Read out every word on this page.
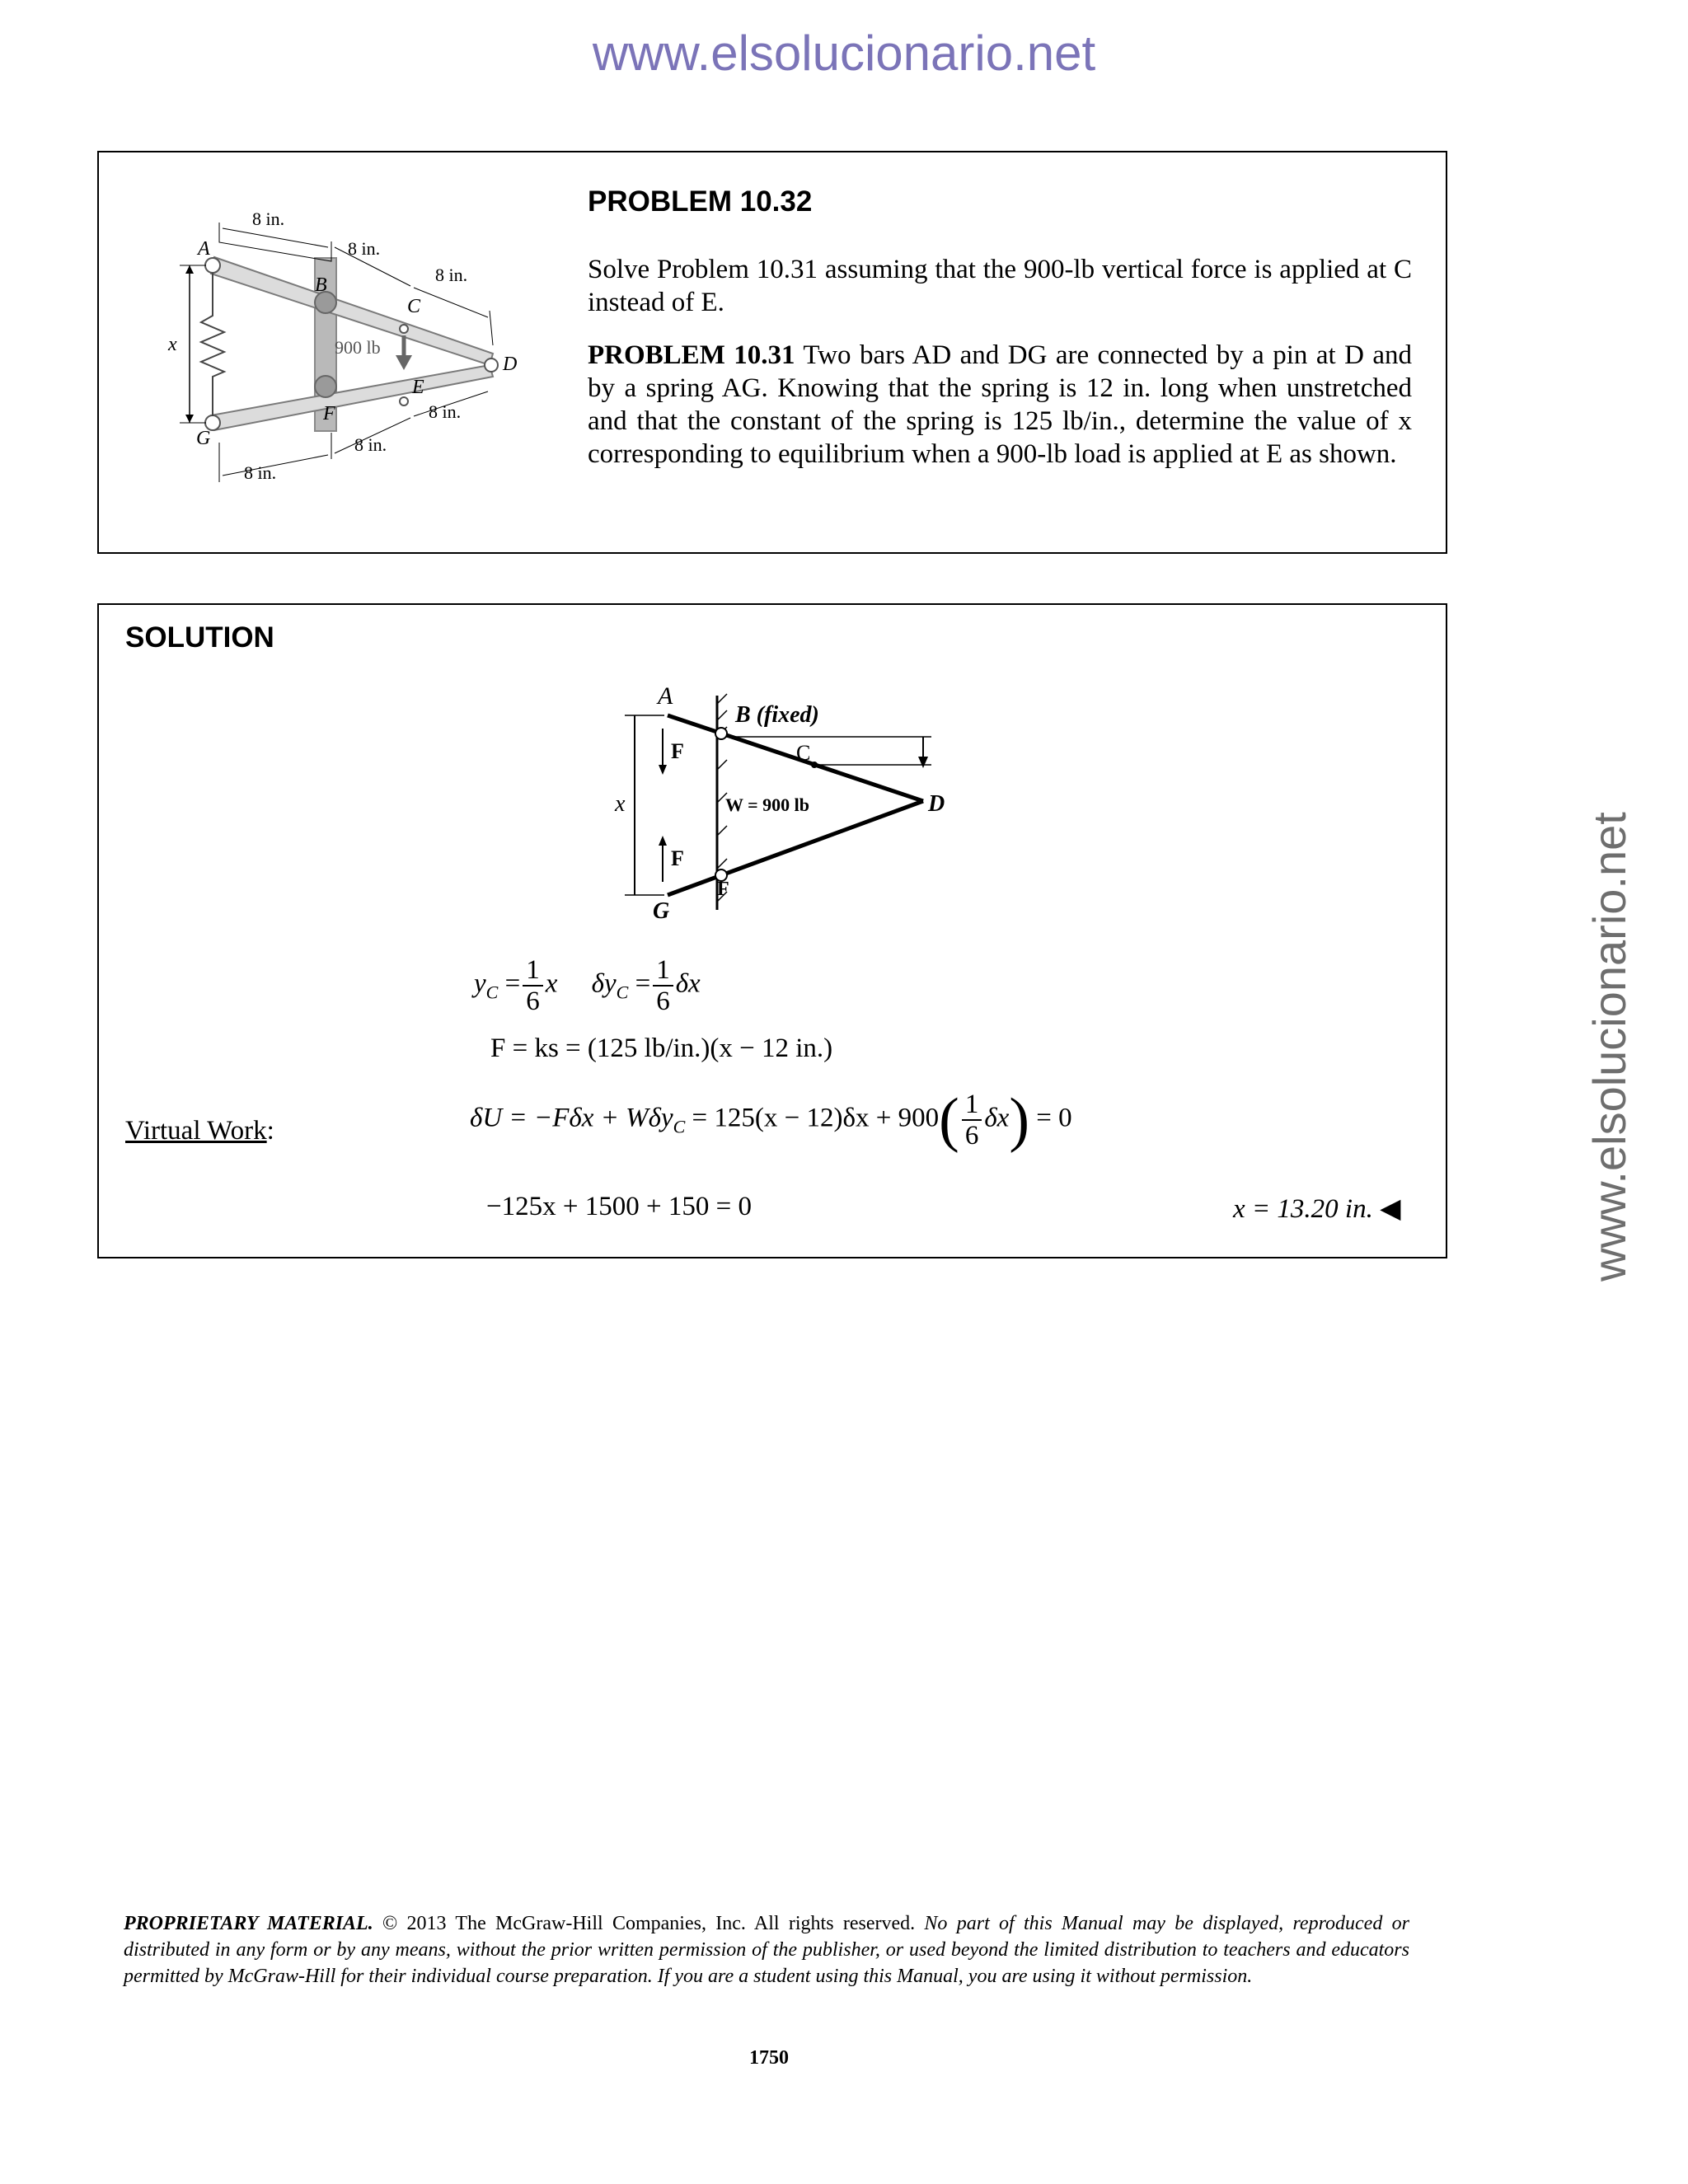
www.elsolucionario.net
www.elsolucionario.net
A
B
C
D
E
F
G
x
8 in.
8 in.
8 in.
8 in.
8 in.
8 in.
900 lb
PROBLEM 10.32

Solve Problem 10.31 assuming that the 900-lb vertical force is applied at C instead of E.

PROBLEM 10.31 Two bars AD and DG are connected by a pin at D and by a spring AG. Knowing that the spring is 12 in. long when unstretched and that the constant of the spring is 125 lb/in., determine the value of x corresponding to equilibrium when a 900-lb load is applied at E as shown.

SOLUTION
A
B (fixed)
C
D
F
F
F
G
x	W = 900 lb
$y_C = \frac{1}{6}$ x $\delta y_C = \frac{1}{6}$ δx
F = ks = (125 lb/in.)(x − 12 in.)
Virtual Work:	$\delta U = -F\delta x + W\delta y_C = 125(x - 12)\delta x + 900( \frac{1}{6} \delta x) = 0$
−125x + 1500 + 150 = 0	x = 13.20 in. ◀
PROPRIETARY MATERIAL. © 2013 The McGraw-Hill Companies, Inc. All rights reserved. No part of this Manual may be displayed, reproduced or distributed in any form or by any means, without the prior written permission of the publisher, or used beyond the limited distribution to teachers and educators permitted by McGraw-Hill for their individual course preparation. If you are a student using this Manual, you are using it without permission.
1750
